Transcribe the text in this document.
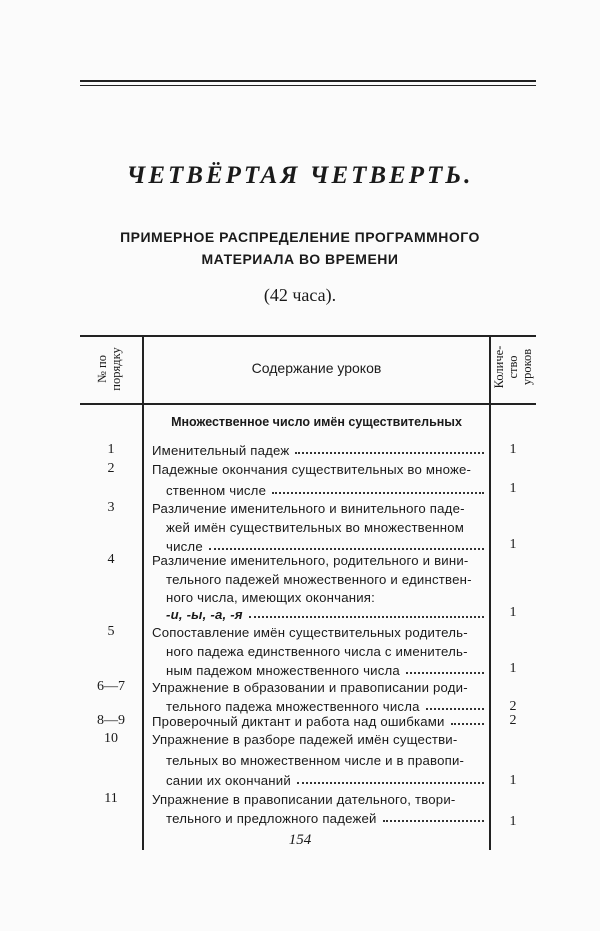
ЧЕТВЁРТАЯ ЧЕТВЕРТЬ.
ПРИМЕРНОЕ РАСПРЕДЕЛЕНИЕ ПРОГРАММНОГО
МАТЕРИАЛА ВО ВРЕМЕНИ
(42 часа).
№ по порядку	Содержание уроков	Количе- ство уроков
Множественное число имён существительных
1	Именительный падеж	1
2	Падежные окончания существительных во множе-
ственном числе	1
3	Различение именительного и винительного паде-
жей имён существительных во множественном
числе	1
4	Различение именительного, родительного и вини-
тельного падежей множественного и единствен-
ного числа, имеющих окончания:
-и, -ы, -а, -я	1
5	Сопоставление имён существительных родитель-
ного падежа единственного числа с именитель-
ным падежом множественного числа	1
6—7	Упражнение в образовании и правописании роди-
тельного падежа множественного числа	2
8—9	Проверочный диктант и работа над ошибками	2
10	Упражнение в разборе падежей имён существи-
тельных во множественном числе и в правопи-
сании их окончаний	1
11	Упражнение в правописании дательного, твори-
тельного и предложного падежей	1
154
